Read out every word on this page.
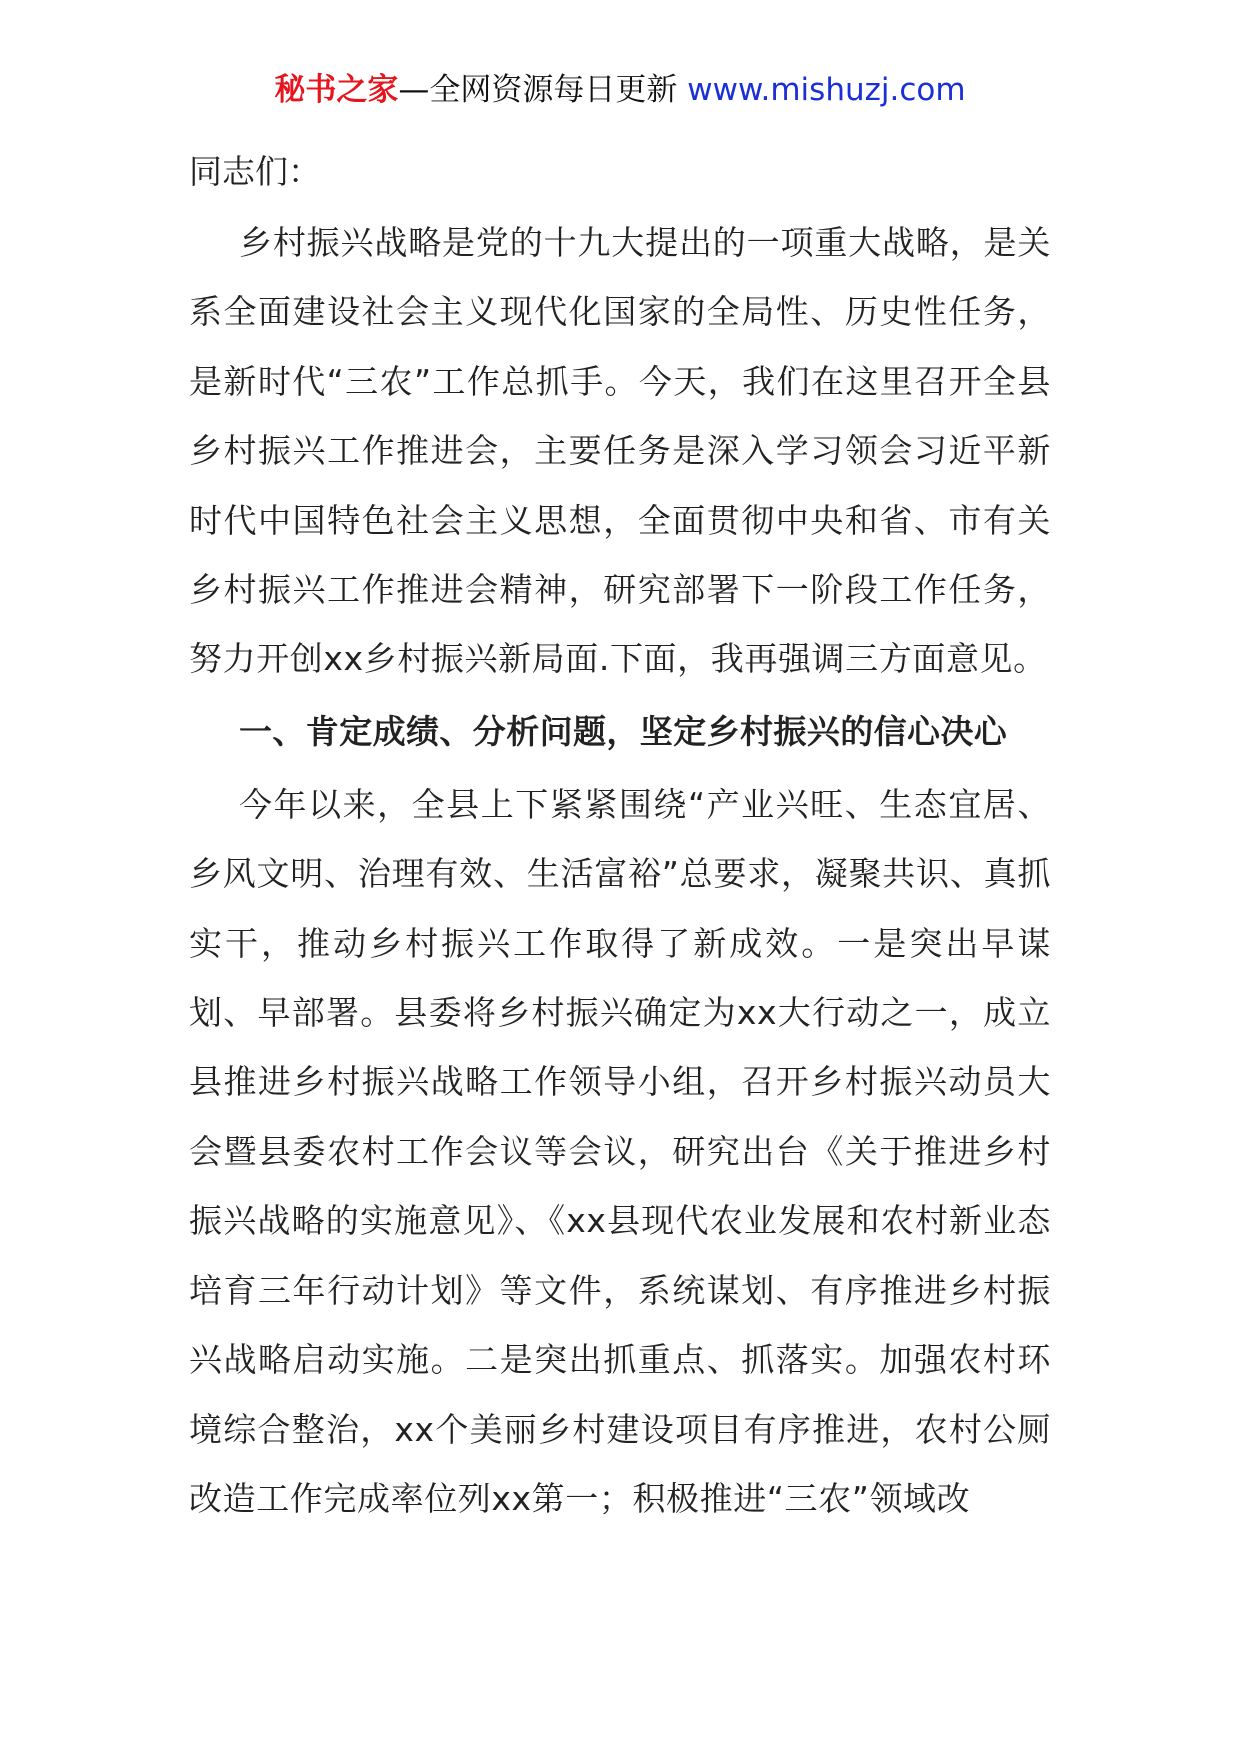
秘书之家—全网资源每日更新 www.mishuzj.com

同志们：

乡村振兴战略是党的十九大提出的一项重大战略，是关系全面建设社会主义现代化国家的全局性、历史性任务，是新时代“三农”工作总抓手。今天，我们在这里召开全县乡村振兴工作推进会，主要任务是深入学习领会习近平新时代中国特色社会主义思想，全面贯彻中央和省、市有关乡村振兴工作推进会精神，研究部署下一阶段工作任务，努力开创xx乡村振兴新局面.下面，我再强调三方面意见。

一、肯定成绩、分析问题，坚定乡村振兴的信心决心

今年以来，全县上下紧紧围绕“产业兴旺、生态宜居、乡风文明、治理有效、生活富裕”总要求，凝聚共识、真抓实干，推动乡村振兴工作取得了新成效。一是突出早谋划、早部署。县委将乡村振兴确定为xx大行动之一，成立县推进乡村振兴战略工作领导小组，召开乡村振兴动员大会暨县委农村工作会议等会议，研究出台《关于推进乡村振兴战略的实施意见》、《xx县现代农业发展和农村新业态培育三年行动计划》等文件，系统谋划、有序推进乡村振兴战略启动实施。二是突出抓重点、抓落实。加强农村环境综合整治，xx个美丽乡村建设项目有序推进，农村公厕改造工作完成率位列xx第一；积极推进“三农”领域改
